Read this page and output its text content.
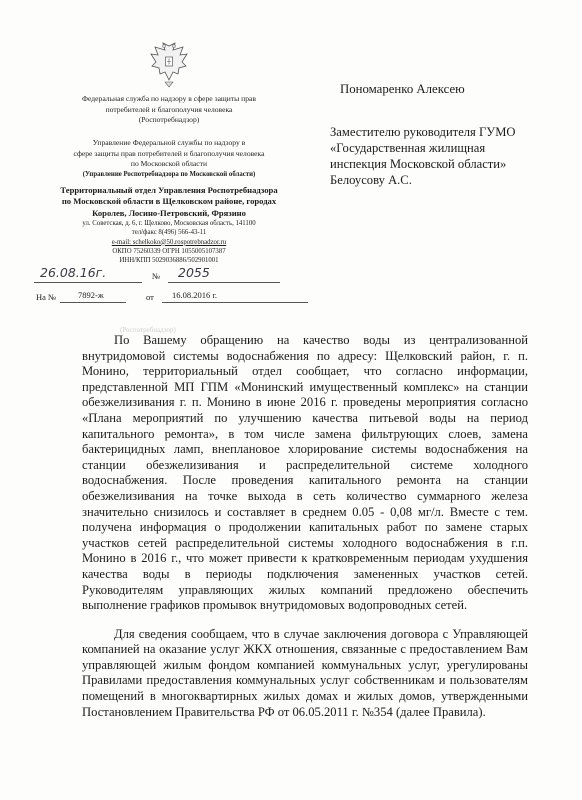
Федеральная служба по надзору в сфере защиты прав
потребителей и благополучия человека
(Роспотребнадзор)
Управление Федеральной службы по надзору в
сфере защиты прав потребителей и благополучия человека
по Московской области
(Управление Роспотребнадзора по Московской области)
Территориальный отдел Управления Роспотребнадзора
по Московской области в Щелковском районе, городах
Королев, Лосино-Петровский, Фрязино
ул. Советская, д. 6, г. Щелково, Московская область, 141100
тел/факс 8(496) 566-43-11
e-mail: schelkoko@50.rospotrebnadzor.ru
ОКПО 75260339 ОГРН 1055005107387
ИНН/КПП 5029036886/502901001
26.08.16г.	№ 2055
На №	7892-ж	от 16.08.2016 г.
(Роспотребнадзор)
Пономаренко Алексею
Заместителю руководителя ГУМО
«Государственная жилищная
инспекция Московской области»
Белоусову А.С.

По Вашему обращению на качество воды из централизованной внутридомовой системы водоснабжения по адресу: Щелковский район, г. п. Монино, территориальный отдел сообщает, что согласно информации, представленной МП ГПМ «Монинский имущественный комплекс» на станции обезжелизивания г. п. Монино в июне 2016 г. проведены мероприятия согласно «Плана мероприятий по улучшению качества питьевой воды на период капитального ремонта», в том числе замена фильтрующих слоев, замена бактерицидных ламп, внеплановое хлорирование системы водоснабжения на станции обезжелизивания и распределительной системе холодного водоснабжения. После проведения капитального ремонта на станции обезжелизивания на точке выхода в сеть количество суммарного железа значительно снизилось и составляет в среднем 0.05 - 0,08 мг/л. Вместе с тем. получена информация о продолжении капитальных работ по замене старых участков сетей распределительной системы холодного водоснабжения в г.п. Монино в 2016 г., что может привести к кратковременным периодам ухудшения качества воды в периоды подключения замененных участков сетей. Руководителям управляющих жилых компаний предложено обеспечить выполнение графиков промывок внутридомовых водопроводных сетей.

Для сведения сообщаем, что в случае заключения договора с Управляющей компанией на оказание услуг ЖКХ отношения, связанные с предоставлением Вам управляющей жилым фондом компанией коммунальных услуг, урегулированы Правилами предоставления коммунальных услуг собственникам и пользователям помещений в многоквартирных жилых домах и жилых домов, утвержденными Постановлением Правительства РФ от 06.05.2011 г. №354 (далее Правила).
